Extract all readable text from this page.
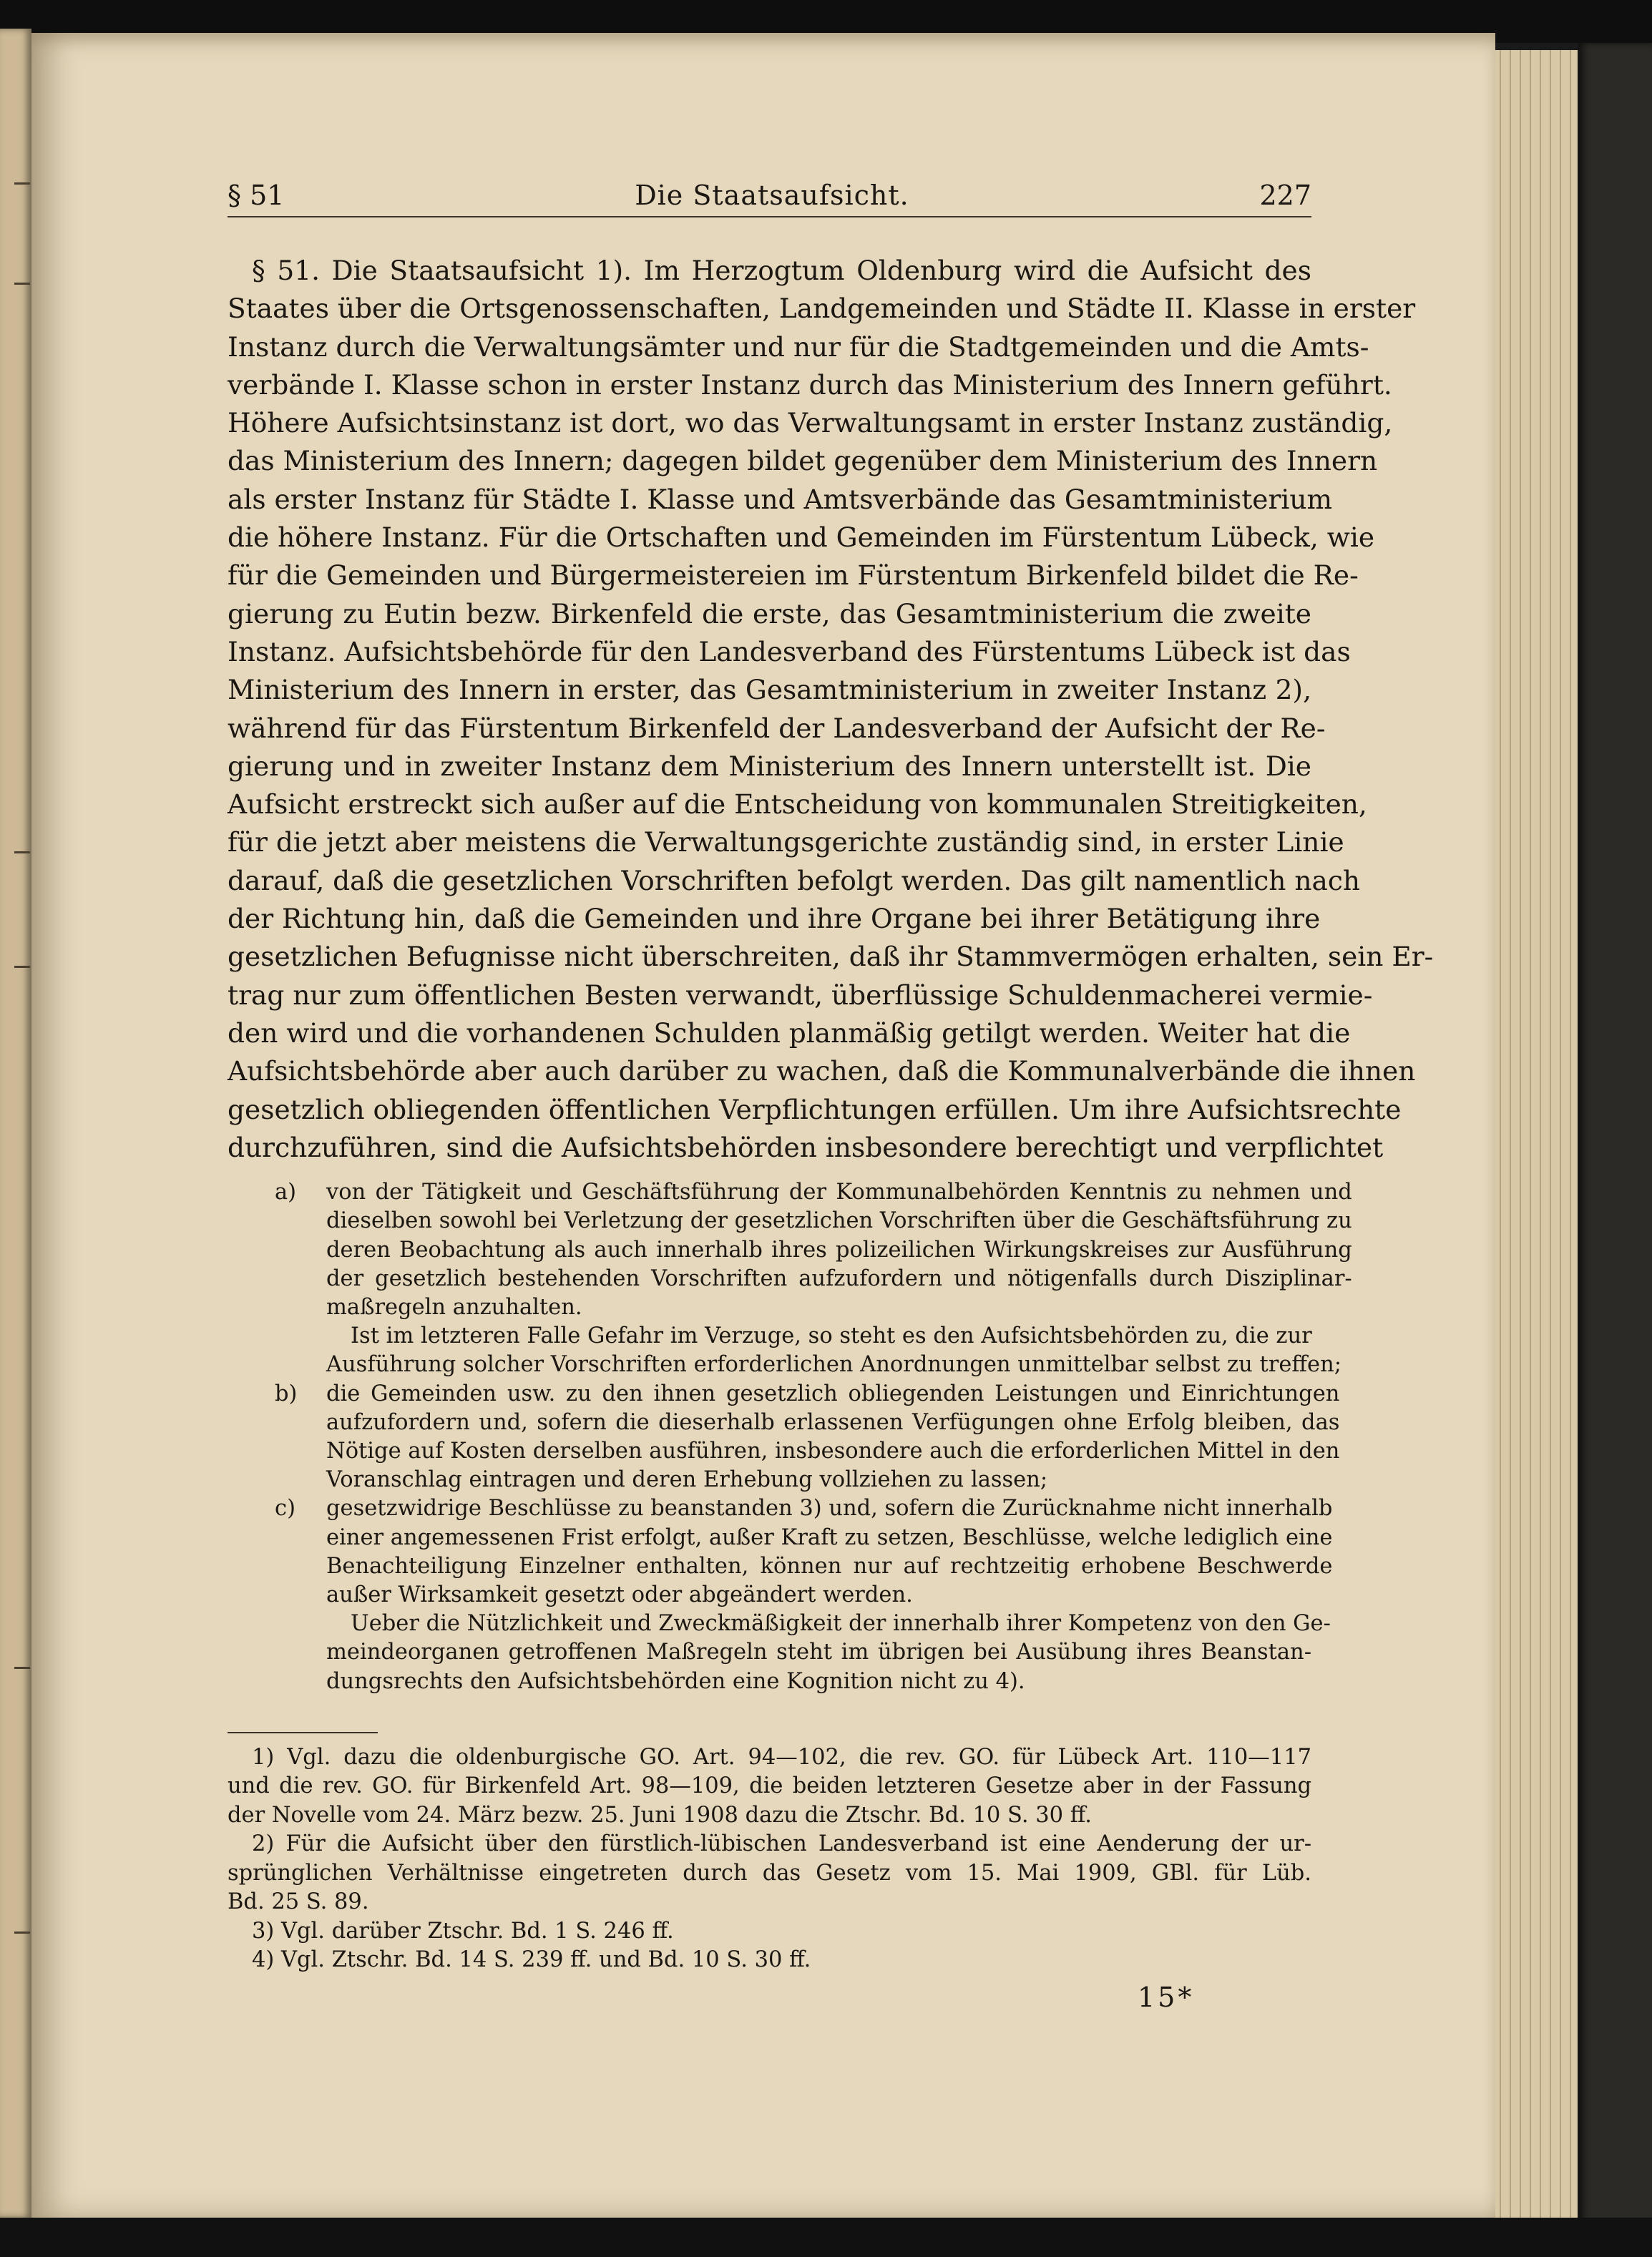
§ 51	Die Staatsaufsicht.	227
§ 51. Die Staatsaufsicht 1). Im Herzogtum Oldenburg wird die Aufsicht des
Staates über die Ortsgenossenschaften, Landgemeinden und Städte II. Klasse in erster
Instanz durch die Verwaltungsämter und nur für die Stadtgemeinden und die Amts-
verbände I. Klasse schon in erster Instanz durch das Ministerium des Innern geführt.
Höhere Aufsichtsinstanz ist dort, wo das Verwaltungsamt in erster Instanz zuständig,
das Ministerium des Innern; dagegen bildet gegenüber dem Ministerium des Innern
als erster Instanz für Städte I. Klasse und Amtsverbände das Gesamtministerium
die höhere Instanz. Für die Ortschaften und Gemeinden im Fürstentum Lübeck, wie
für die Gemeinden und Bürgermeistereien im Fürstentum Birkenfeld bildet die Re-
gierung zu Eutin bezw. Birkenfeld die erste, das Gesamtministerium die zweite
Instanz. Aufsichtsbehörde für den Landesverband des Fürstentums Lübeck ist das
Ministerium des Innern in erster, das Gesamtministerium in zweiter Instanz 2),
während für das Fürstentum Birkenfeld der Landesverband der Aufsicht der Re-
gierung und in zweiter Instanz dem Ministerium des Innern unterstellt ist. Die
Aufsicht erstreckt sich außer auf die Entscheidung von kommunalen Streitigkeiten,
für die jetzt aber meistens die Verwaltungsgerichte zuständig sind, in erster Linie
darauf, daß die gesetzlichen Vorschriften befolgt werden. Das gilt namentlich nach
der Richtung hin, daß die Gemeinden und ihre Organe bei ihrer Betätigung ihre
gesetzlichen Befugnisse nicht überschreiten, daß ihr Stammvermögen erhalten, sein Er-
trag nur zum öffentlichen Besten verwandt, überflüssige Schuldenmacherei vermie-
den wird und die vorhandenen Schulden planmäßig getilgt werden. Weiter hat die
Aufsichtsbehörde aber auch darüber zu wachen, daß die Kommunalverbände die ihnen
gesetzlich obliegenden öffentlichen Verpflichtungen erfüllen. Um ihre Aufsichtsrechte
durchzuführen, sind die Aufsichtsbehörden insbesondere berechtigt und verpflichtet
a)	von der Tätigkeit und Geschäftsführung der Kommunalbehörden Kenntnis zu nehmen und
dieselben sowohl bei Verletzung der gesetzlichen Vorschriften über die Geschäftsführung zu
deren Beobachtung als auch innerhalb ihres polizeilichen Wirkungskreises zur Ausführung
der gesetzlich bestehenden Vorschriften aufzufordern und nötigenfalls durch Disziplinar-
maßregeln anzuhalten.
Ist im letzteren Falle Gefahr im Verzuge, so steht es den Aufsichtsbehörden zu, die zur
Ausführung solcher Vorschriften erforderlichen Anordnungen unmittelbar selbst zu treffen;
b)	die Gemeinden usw. zu den ihnen gesetzlich obliegenden Leistungen und Einrichtungen
aufzufordern und, sofern die dieserhalb erlassenen Verfügungen ohne Erfolg bleiben, das
Nötige auf Kosten derselben ausführen, insbesondere auch die erforderlichen Mittel in den
Voranschlag eintragen und deren Erhebung vollziehen zu lassen;
c)	gesetzwidrige Beschlüsse zu beanstanden 3) und, sofern die Zurücknahme nicht innerhalb
einer angemessenen Frist erfolgt, außer Kraft zu setzen, Beschlüsse, welche lediglich eine
Benachteiligung Einzelner enthalten, können nur auf rechtzeitig erhobene Beschwerde
außer Wirksamkeit gesetzt oder abgeändert werden.
Ueber die Nützlichkeit und Zweckmäßigkeit der innerhalb ihrer Kompetenz von den Ge-
meindeorganen getroffenen Maßregeln steht im übrigen bei Ausübung ihres Beanstan-
dungsrechts den Aufsichtsbehörden eine Kognition nicht zu 4).
1) Vgl. dazu die oldenburgische GO. Art. 94—102, die rev. GO. für Lübeck Art. 110—117
und die rev. GO. für Birkenfeld Art. 98—109, die beiden letzteren Gesetze aber in der Fassung
der Novelle vom 24. März bezw. 25. Juni 1908 dazu die Ztschr. Bd. 10 S. 30 ff.
2) Für die Aufsicht über den fürstlich-lübischen Landesverband ist eine Aenderung der ur-
sprünglichen Verhältnisse eingetreten durch das Gesetz vom 15. Mai 1909, GBl. für Lüb.
Bd. 25 S. 89.
3) Vgl. darüber Ztschr. Bd. 1 S. 246 ff.
4) Vgl. Ztschr. Bd. 14 S. 239 ff. und Bd. 10 S. 30 ff.
15*
